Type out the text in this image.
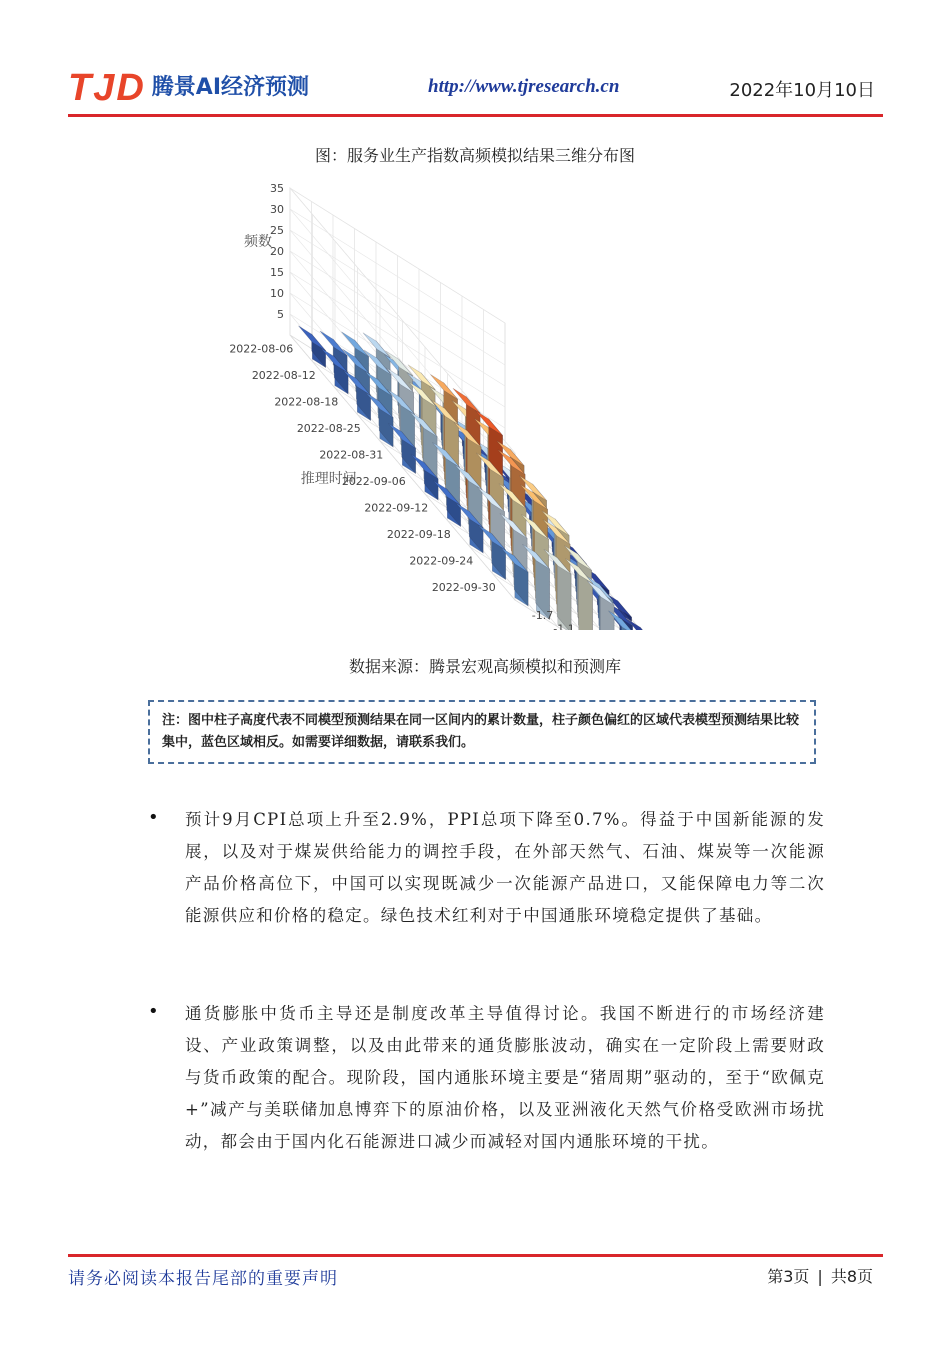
TJD 腾景AI经济预测	http://www.tjresearch.cn	2022年10月10日
图：服务业生产指数高频模拟结果三维分布图
5
10
15
20
25
30
35
2022-08-06
2022-08-12
2022-08-18
2022-08-25
2022-08-31
2022-09-06
2022-09-12
2022-09-18
2022-09-24
2022-09-30
-1.7
-1.1
频数
推理时间
数据来源：腾景宏观高频模拟和预测库
注：图中柱子高度代表不同模型预测结果在同一区间内的累计数量，柱子颜色偏红的区域代表模型预测结果比较集中，蓝色区域相反。如需要详细数据，请联系我们。
• 预计9月CPI总项上升至2.9%，PPI总项下降至0.7%。得益于中国新能源的发展，以及对于煤炭供给能力的调控手段，在外部天然气、石油、煤炭等一次能源产品价格高位下，中国可以实现既减少一次能源产品进口，又能保障电力等二次能源供应和价格的稳定。绿色技术红利对于中国通胀环境稳定提供了基础。
• 通货膨胀中货币主导还是制度改革主导值得讨论。我国不断进行的市场经济建设、产业政策调整，以及由此带来的通货膨胀波动，确实在一定阶段上需要财政与货币政策的配合。现阶段，国内通胀环境主要是“猪周期”驱动的，至于“欧佩克+”减产与美联储加息博弈下的原油价格，以及亚洲液化天然气价格受欧洲市场扰动，都会由于国内化石能源进口减少而减轻对国内通胀环境的干扰。
请务必阅读本报告尾部的重要声明	第3页 | 共8页
